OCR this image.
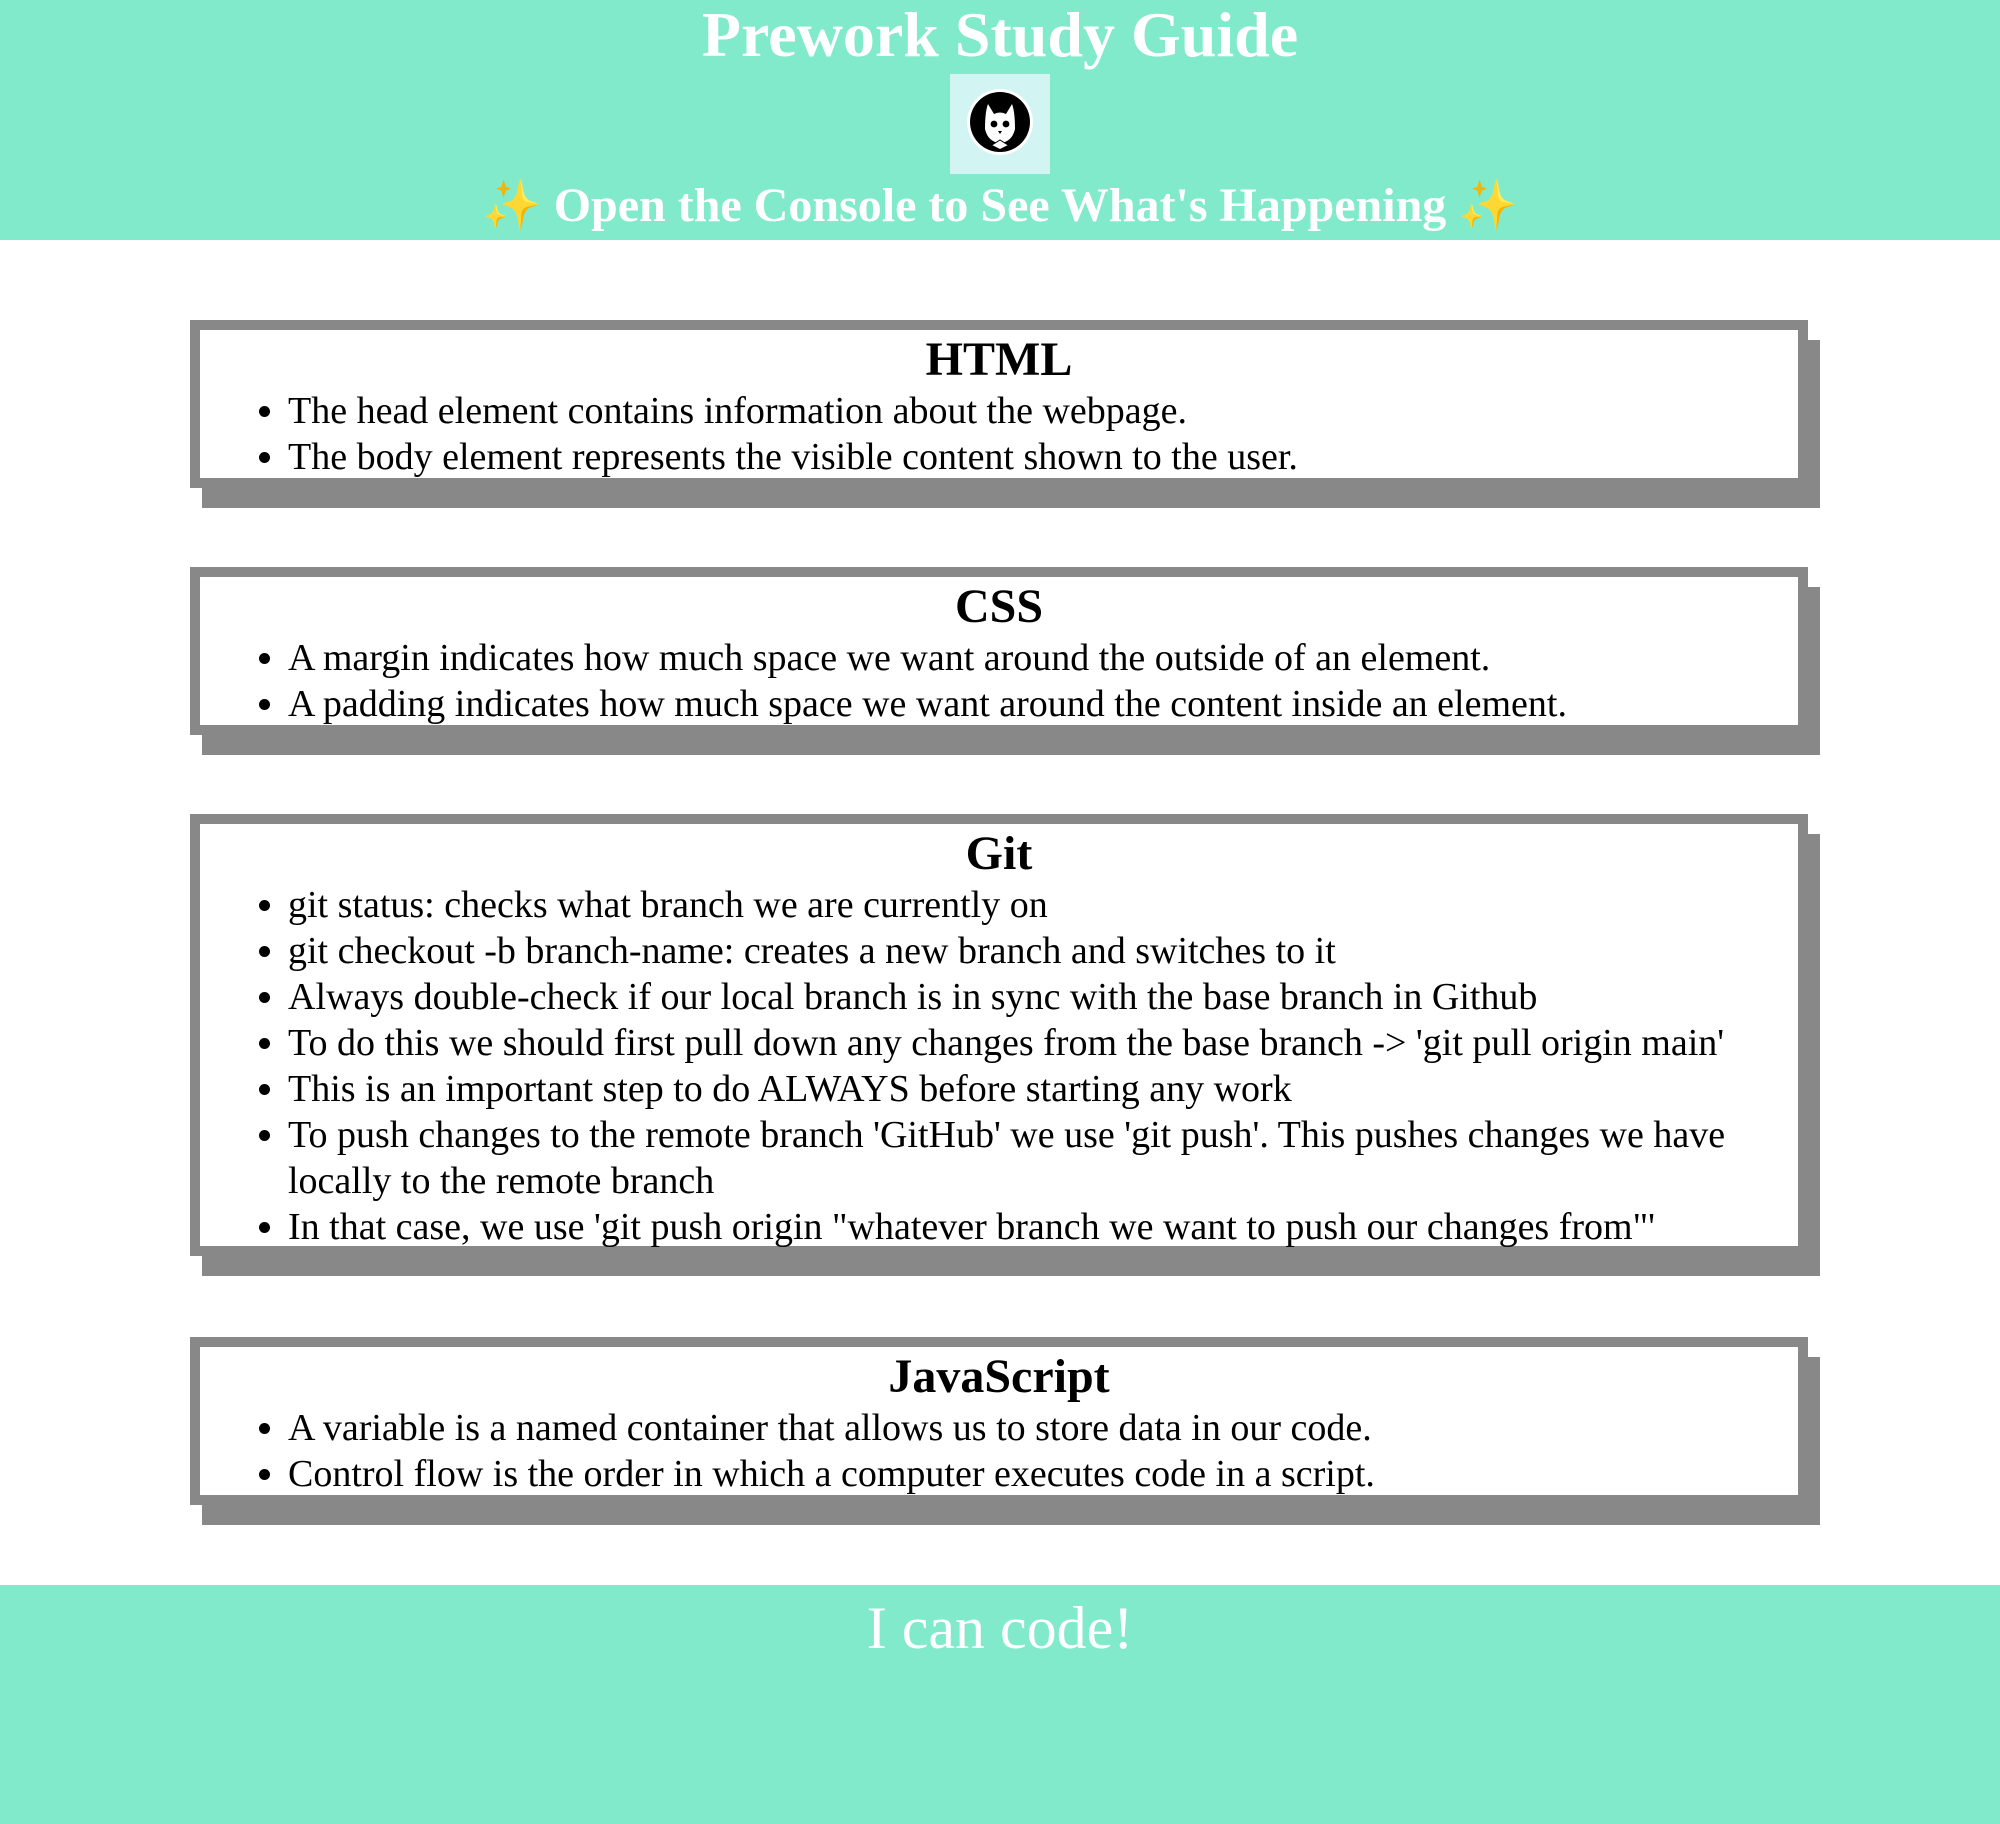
Prework Study Guide
✨ Open the Console to See What's Happening ✨
HTML
• The head element contains information about the webpage.
• The body element represents the visible content shown to the user.
CSS
• A margin indicates how much space we want around the outside of an element.
• A padding indicates how much space we want around the content inside an element.
Git
• git status: checks what branch we are currently on
• git checkout -b branch-name: creates a new branch and switches to it
• Always double-check if our local branch is in sync with the base branch in Github
• To do this we should first pull down any changes from the base branch -> 'git pull origin main'
• This is an important step to do ALWAYS before starting any work
• To push changes to the remote branch 'GitHub' we use 'git push'. This pushes changes we have locally to the remote branch
• In that case, we use 'git push origin "whatever branch we want to push our changes from"'
JavaScript
• A variable is a named container that allows us to store data in our code.
• Control flow is the order in which a computer executes code in a script.

I can code!
